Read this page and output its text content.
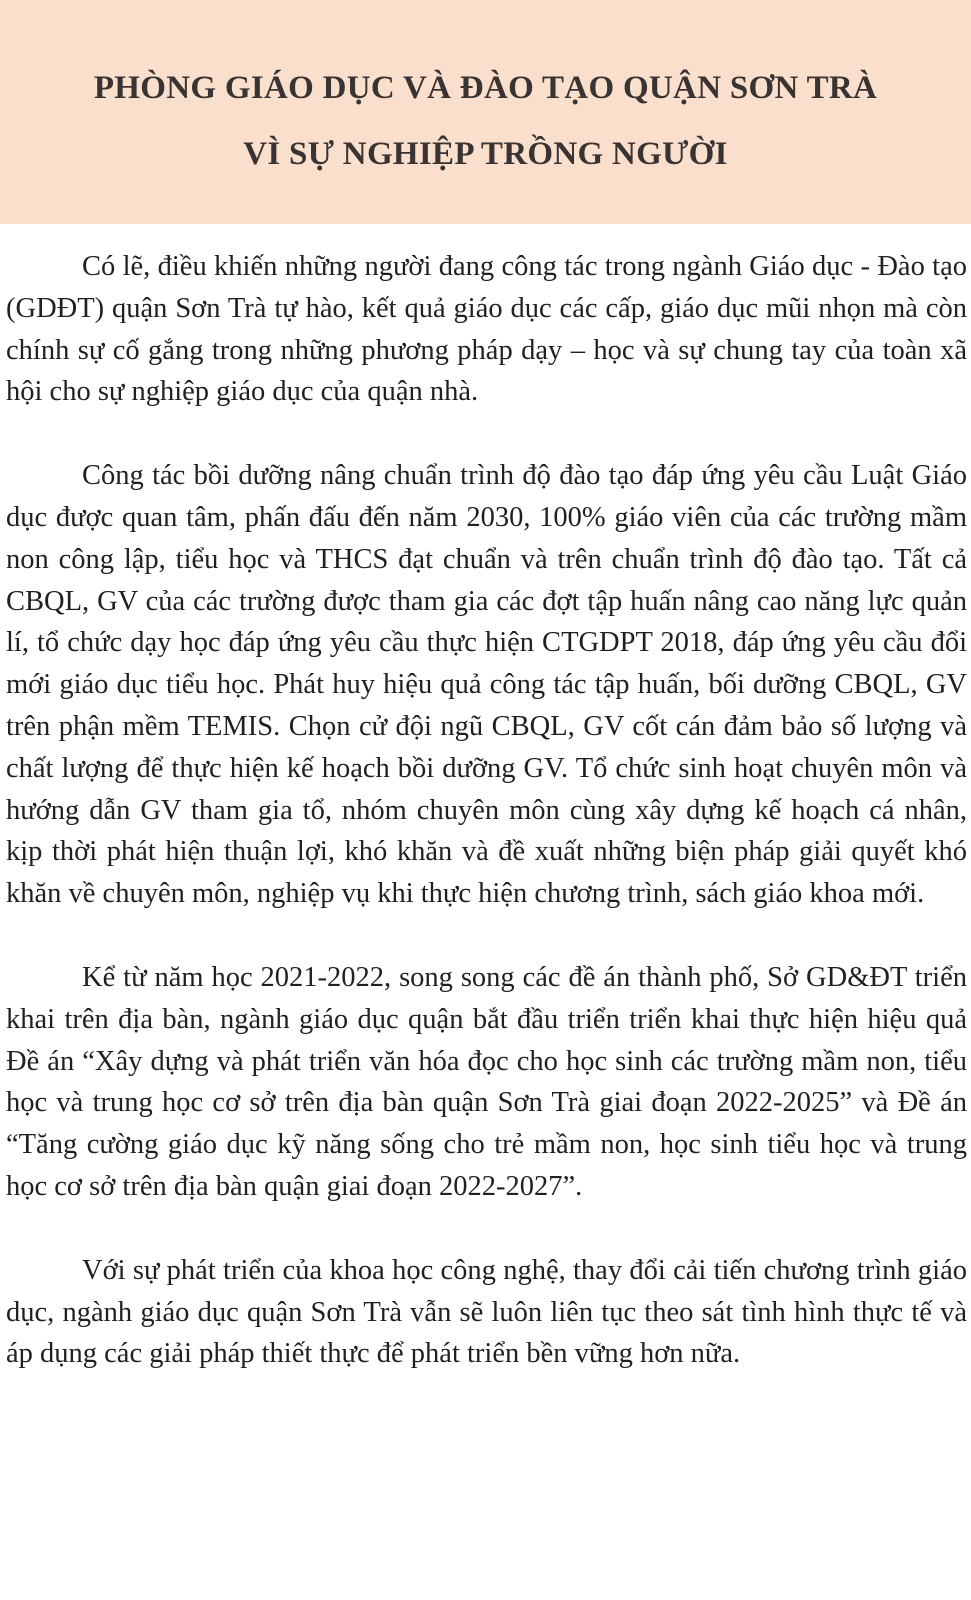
PHÒNG GIÁO DỤC VÀ ĐÀO TẠO QUẬN SƠN TRÀ
VÌ SỰ NGHIỆP TRỒNG NGƯỜI

Có lẽ, điều khiến những người đang công tác trong ngành Giáo dục - Đào tạo (GDĐT) quận Sơn Trà tự hào, kết quả giáo dục các cấp, giáo dục mũi nhọn mà còn chính sự cố gắng trong những phương pháp dạy – học và sự chung tay của toàn xã hội cho sự nghiệp giáo dục của quận nhà.

Công tác bồi dưỡng nâng chuẩn trình độ đào tạo đáp ứng yêu cầu Luật Giáo dục được quan tâm, phấn đấu đến năm 2030, 100% giáo viên của các trường mầm non công lập, tiểu học và THCS đạt chuẩn và trên chuẩn trình độ đào tạo. Tất cả CBQL, GV của các trường được tham gia các đợt tập huấn nâng cao năng lực quản lí, tổ chức dạy học đáp ứng yêu cầu thực hiện CTGDPT 2018, đáp ứng yêu cầu đổi mới giáo dục tiểu học. Phát huy hiệu quả công tác tập huấn, bối dưỡng CBQL, GV trên phận mềm TEMIS. Chọn cử đội ngũ CBQL, GV cốt cán đảm bảo số lượng và chất lượng để thực hiện kế hoạch bồi dưỡng GV. Tổ chức sinh hoạt chuyên môn và hướng dẫn GV tham gia tổ, nhóm chuyên môn cùng xây dựng kế hoạch cá nhân, kịp thời phát hiện thuận lợi, khó khăn và đề xuất những biện pháp giải quyết khó khăn về chuyên môn, nghiệp vụ khi thực hiện chương trình, sách giáo khoa mới.

Kể từ năm học 2021-2022, song song các đề án thành phố, Sở GD&ĐT triển khai trên địa bàn, ngành giáo dục quận bắt đầu triển triển khai thực hiện hiệu quả Đề án “Xây dựng và phát triển văn hóa đọc cho học sinh các trường mầm non, tiểu học và trung học cơ sở trên địa bàn quận Sơn Trà giai đoạn 2022-2025” và Đề án “Tăng cường giáo dục kỹ năng sống cho trẻ mầm non, học sinh tiểu học và trung học cơ sở trên địa bàn quận giai đoạn 2022-2027”.

Với sự phát triển của khoa học công nghệ, thay đổi cải tiến chương trình giáo dục, ngành giáo dục quận Sơn Trà vẫn sẽ luôn liên tục theo sát tình hình thực tế và áp dụng các giải pháp thiết thực để phát triển bền vững hơn nữa.
